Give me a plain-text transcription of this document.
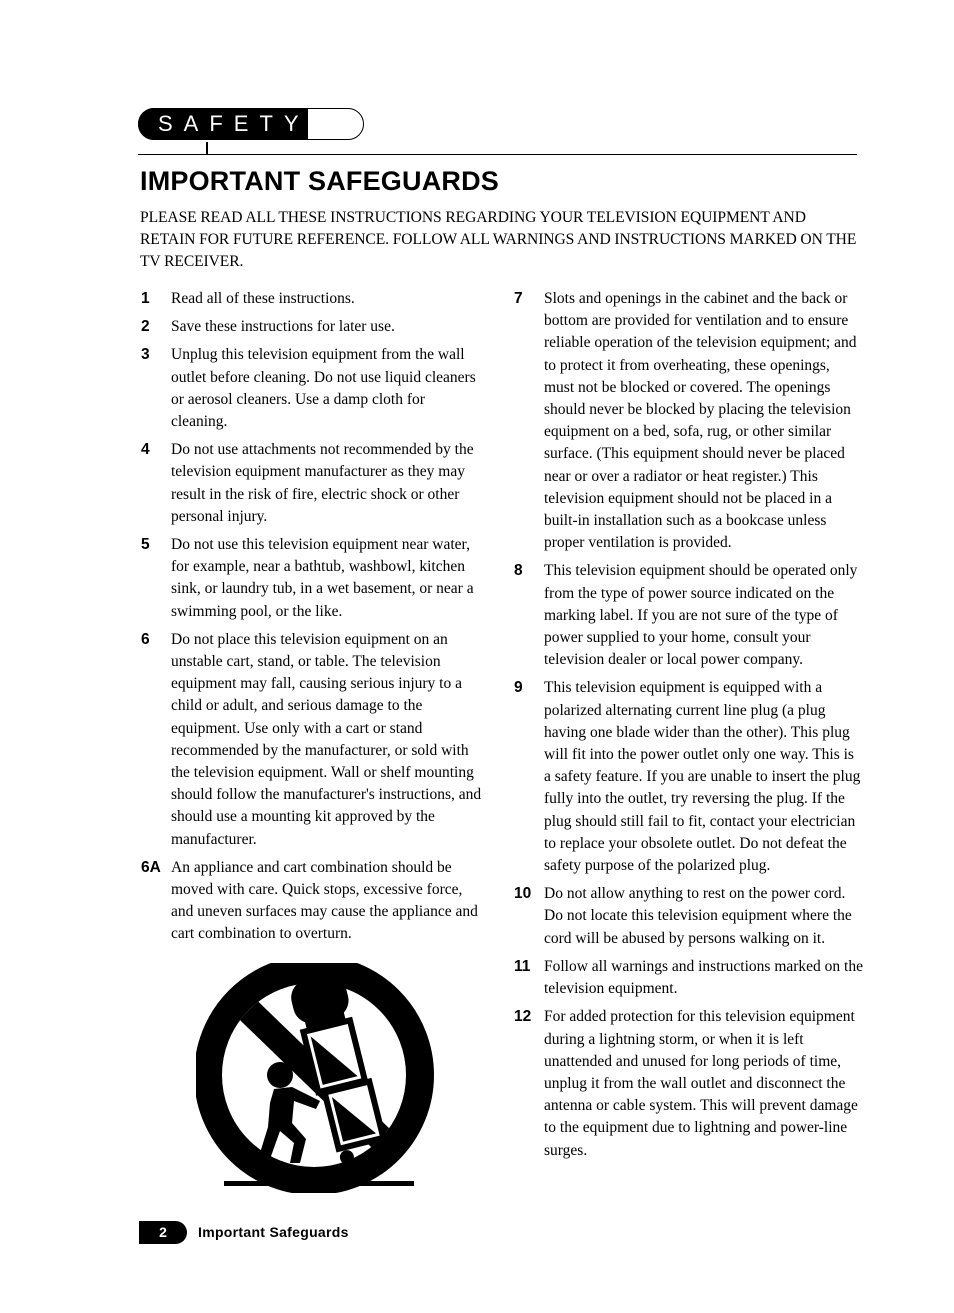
SAFETY
IMPORTANT SAFEGUARDS
PLEASE READ ALL THESE INSTRUCTIONS REGARDING YOUR TELEVISION EQUIPMENT AND RETAIN FOR FUTURE REFERENCE. FOLLOW ALL WARNINGS AND INSTRUCTIONS MARKED ON THE TV RECEIVER.
1 Read all of these instructions.
2 Save these instructions for later use.
3 Unplug this television equipment from the wall outlet before cleaning. Do not use liquid cleaners or aerosol cleaners. Use a damp cloth for cleaning.
4 Do not use attachments not recommended by the television equipment manufacturer as they may result in the risk of fire, electric shock or other personal injury.
5 Do not use this television equipment near water, for example, near a bathtub, washbowl, kitchen sink, or laundry tub, in a wet basement, or near a swimming pool, or the like.
6 Do not place this television equipment on an unstable cart, stand, or table. The television equipment may fall, causing serious injury to a child or adult, and serious damage to the equipment. Use only with a cart or stand recommended by the manufacturer, or sold with the television equipment. Wall or shelf mounting should follow the manufacturer's instructions, and should use a mounting kit approved by the manufacturer.
6A An appliance and cart combination should be moved with care. Quick stops, excessive force, and uneven surfaces may cause the appliance and cart combination to overturn.
7 Slots and openings in the cabinet and the back or bottom are provided for ventilation and to ensure reliable operation of the television equipment; and to protect it from overheating, these openings, must not be blocked or covered. The openings should never be blocked by placing the television equipment on a bed, sofa, rug, or other similar surface. (This equipment should never be placed near or over a radiator or heat register.) This television equipment should not be placed in a built-in installation such as a bookcase unless proper ventilation is provided.
8 This television equipment should be operated only from the type of power source indicated on the marking label. If you are not sure of the type of power supplied to your home, consult your television dealer or local power company.
9 This television equipment is equipped with a polarized alternating current line plug (a plug having one blade wider than the other). This plug will fit into the power outlet only one way. This is a safety feature. If you are unable to insert the plug fully into the outlet, try reversing the plug. If the plug should still fail to fit, contact your electrician to replace your obsolete outlet. Do not defeat the safety purpose of the polarized plug.
10 Do not allow anything to rest on the power cord. Do not locate this television equipment where the cord will be abused by persons walking on it.
11 Follow all warnings and instructions marked on the television equipment.
12 For added protection for this television equipment during a lightning storm, or when it is left unattended and unused for long periods of time, unplug it from the wall outlet and disconnect the antenna or cable system. This will prevent damage to the equipment due to lightning and power-line surges.
2	Important Safeguards
